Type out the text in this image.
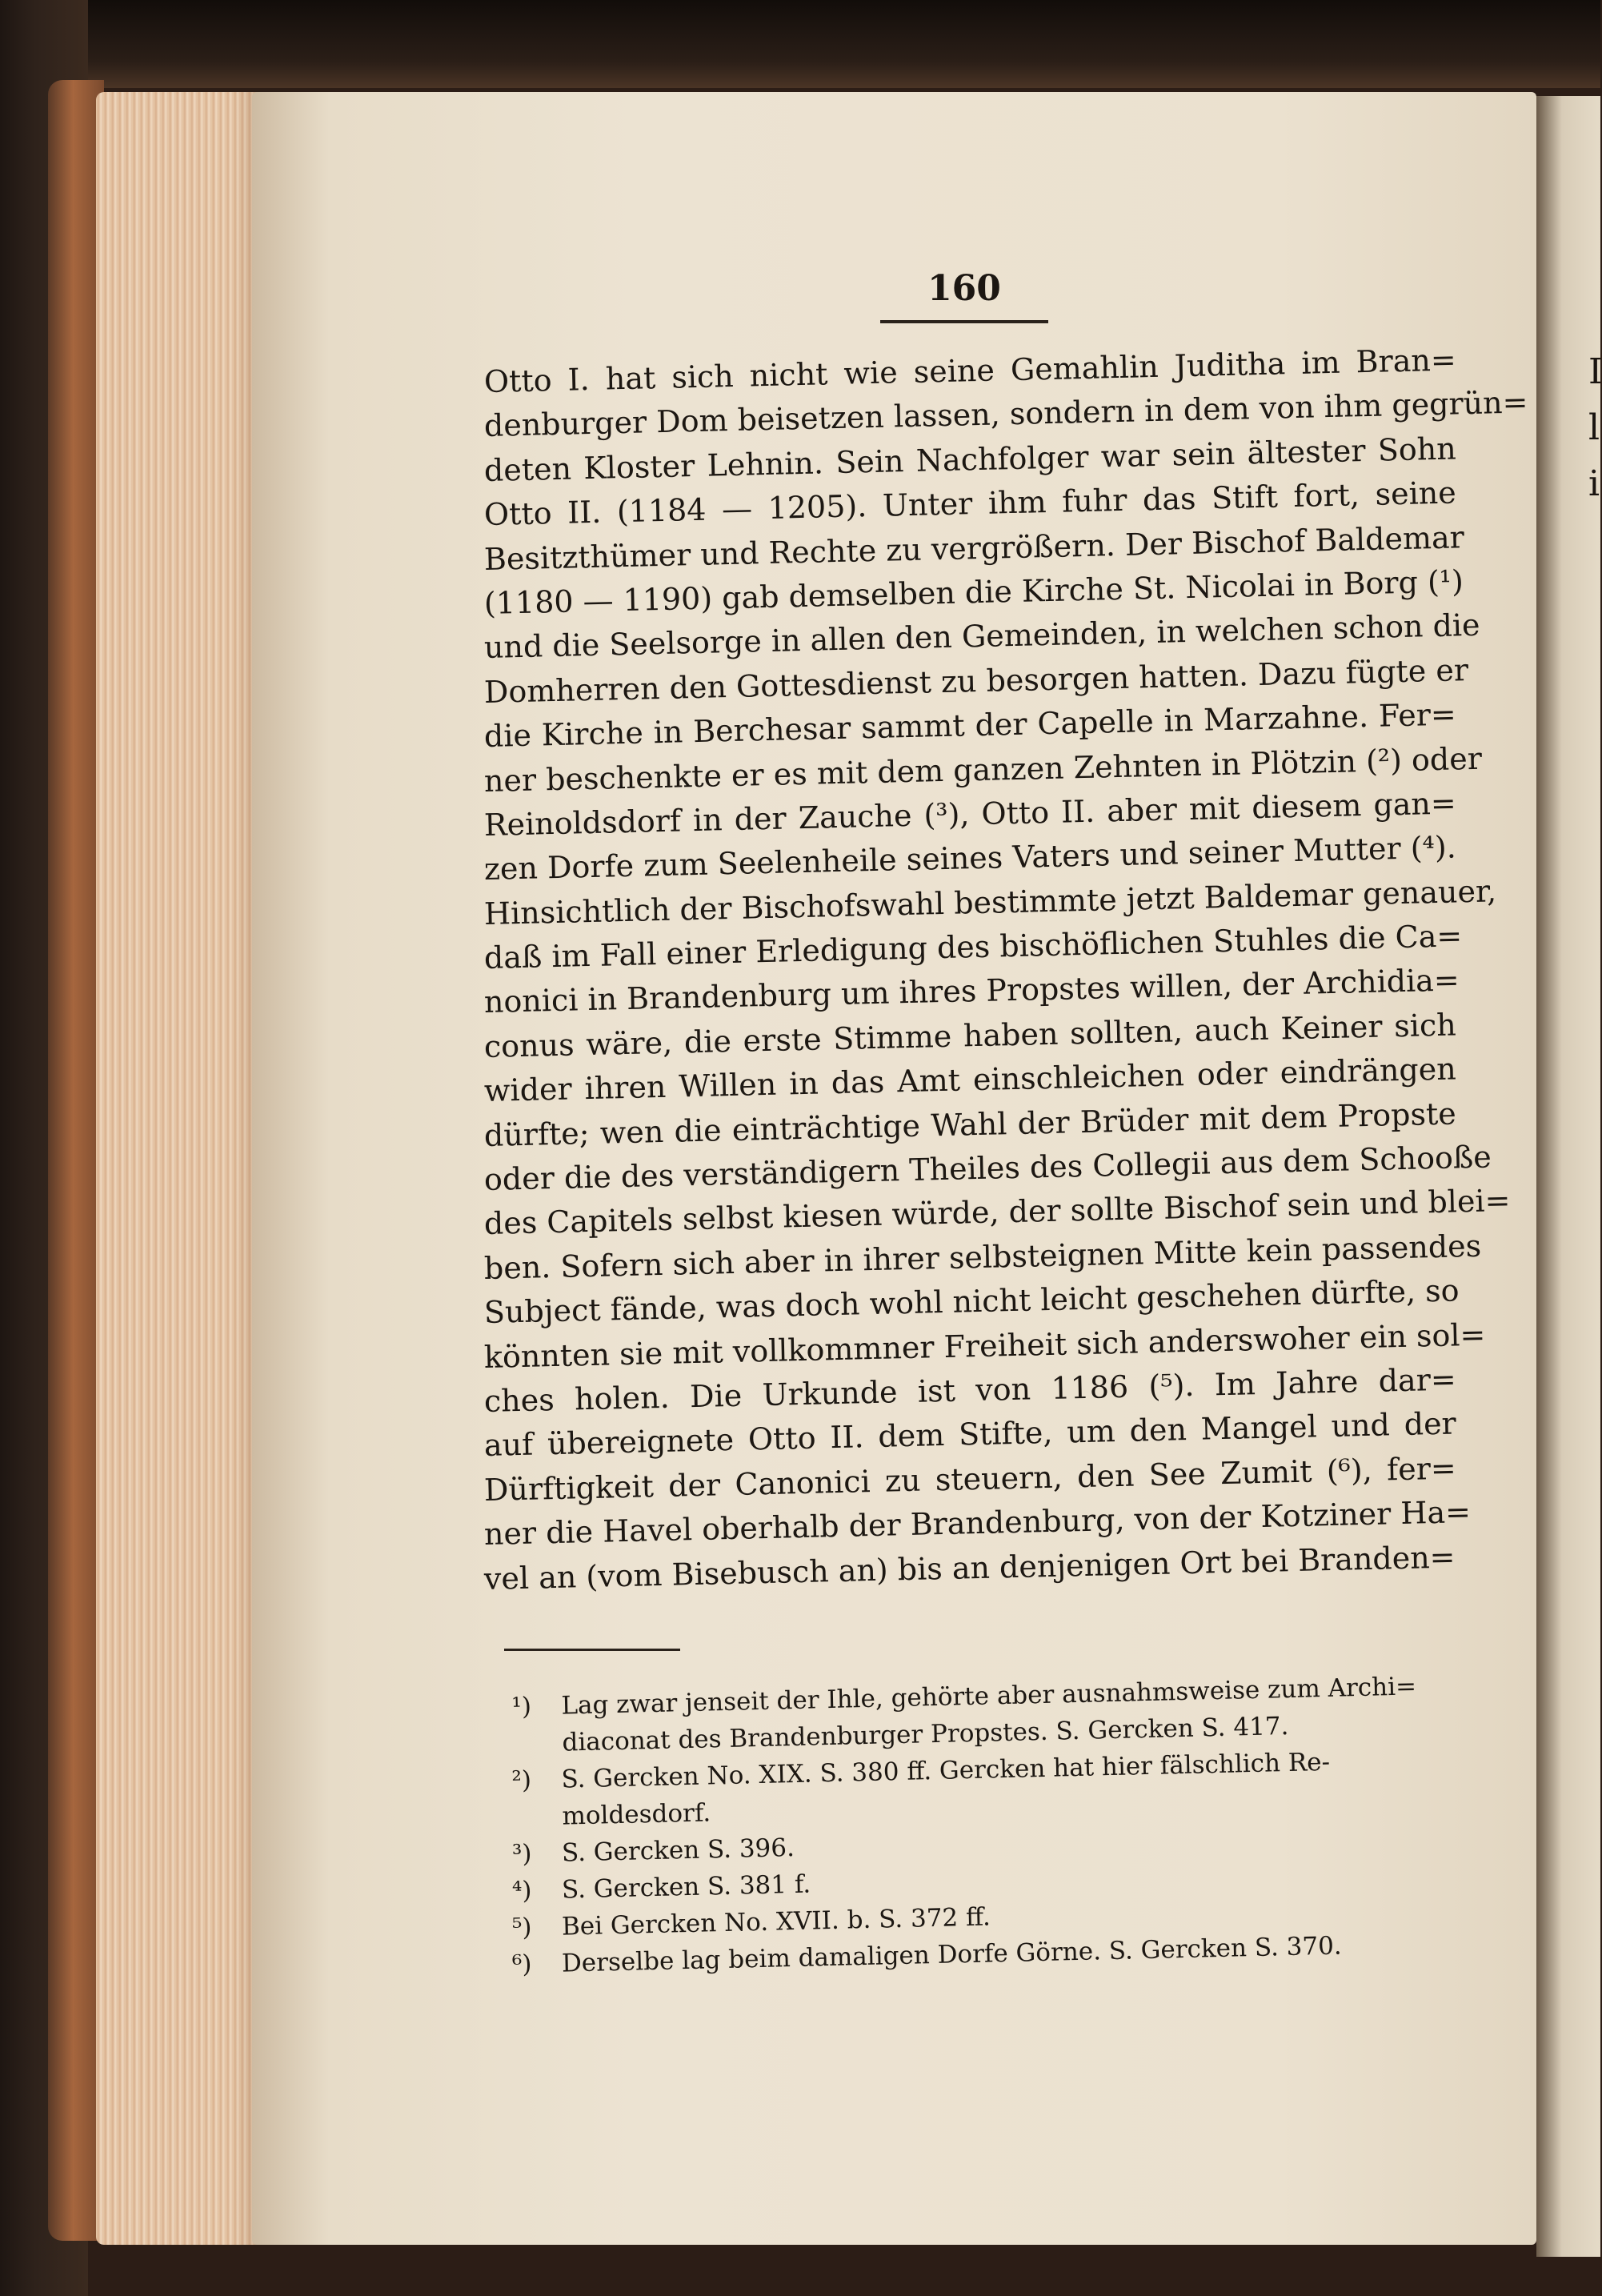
I
l
i
160
Otto I. hat sich nicht wie seine Gemahlin Juditha im Bran=
denburger Dom beisetzen lassen, sondern in dem von ihm gegrün=
deten Kloster Lehnin. Sein Nachfolger war sein ältester Sohn
Otto II. (1184 — 1205). Unter ihm fuhr das Stift fort, seine
Besitzthümer und Rechte zu vergrößern. Der Bischof Baldemar
(1180 — 1190) gab demselben die Kirche St. Nicolai in Borg (¹)
und die Seelsorge in allen den Gemeinden, in welchen schon die
Domherren den Gottesdienst zu besorgen hatten. Dazu fügte er
die Kirche in Berchesar sammt der Capelle in Marzahne. Fer=
ner beschenkte er es mit dem ganzen Zehnten in Plötzin (²) oder
Reinoldsdorf in der Zauche (³), Otto II. aber mit diesem gan=
zen Dorfe zum Seelenheile seines Vaters und seiner Mutter (⁴).
Hinsichtlich der Bischofswahl bestimmte jetzt Baldemar genauer,
daß im Fall einer Erledigung des bischöflichen Stuhles die Ca=
nonici in Brandenburg um ihres Propstes willen, der Archidia=
conus wäre, die erste Stimme haben sollten, auch Keiner sich
wider ihren Willen in das Amt einschleichen oder eindrängen
dürfte; wen die einträchtige Wahl der Brüder mit dem Propste
oder die des verständigern Theiles des Collegii aus dem Schooße
des Capitels selbst kiesen würde, der sollte Bischof sein und blei=
ben. Sofern sich aber in ihrer selbsteignen Mitte kein passendes
Subject fände, was doch wohl nicht leicht geschehen dürfte, so
könnten sie mit vollkommner Freiheit sich anderswoher ein sol=
ches holen. Die Urkunde ist von 1186 (⁵). Im Jahre dar=
auf übereignete Otto II. dem Stifte, um den Mangel und der
Dürftigkeit der Canonici zu steuern, den See Zumit (⁶), fer=
ner die Havel oberhalb der Brandenburg, von der Kotziner Ha=
vel an (vom Bisebusch an) bis an denjenigen Ort bei Branden=
¹) Lag zwar jenseit der Ihle, gehörte aber ausnahmsweise zum Archi=
diaconat des Brandenburger Propstes. S. Gercken S. 417.
²) S. Gercken No. XIX. S. 380 ff. Gercken hat hier fälschlich Re-
moldesdorf.
³) S. Gercken S. 396.
⁴) S. Gercken S. 381 f.
⁵) Bei Gercken No. XVII. b. S. 372 ff.
⁶) Derselbe lag beim damaligen Dorfe Görne. S. Gercken S. 370.
